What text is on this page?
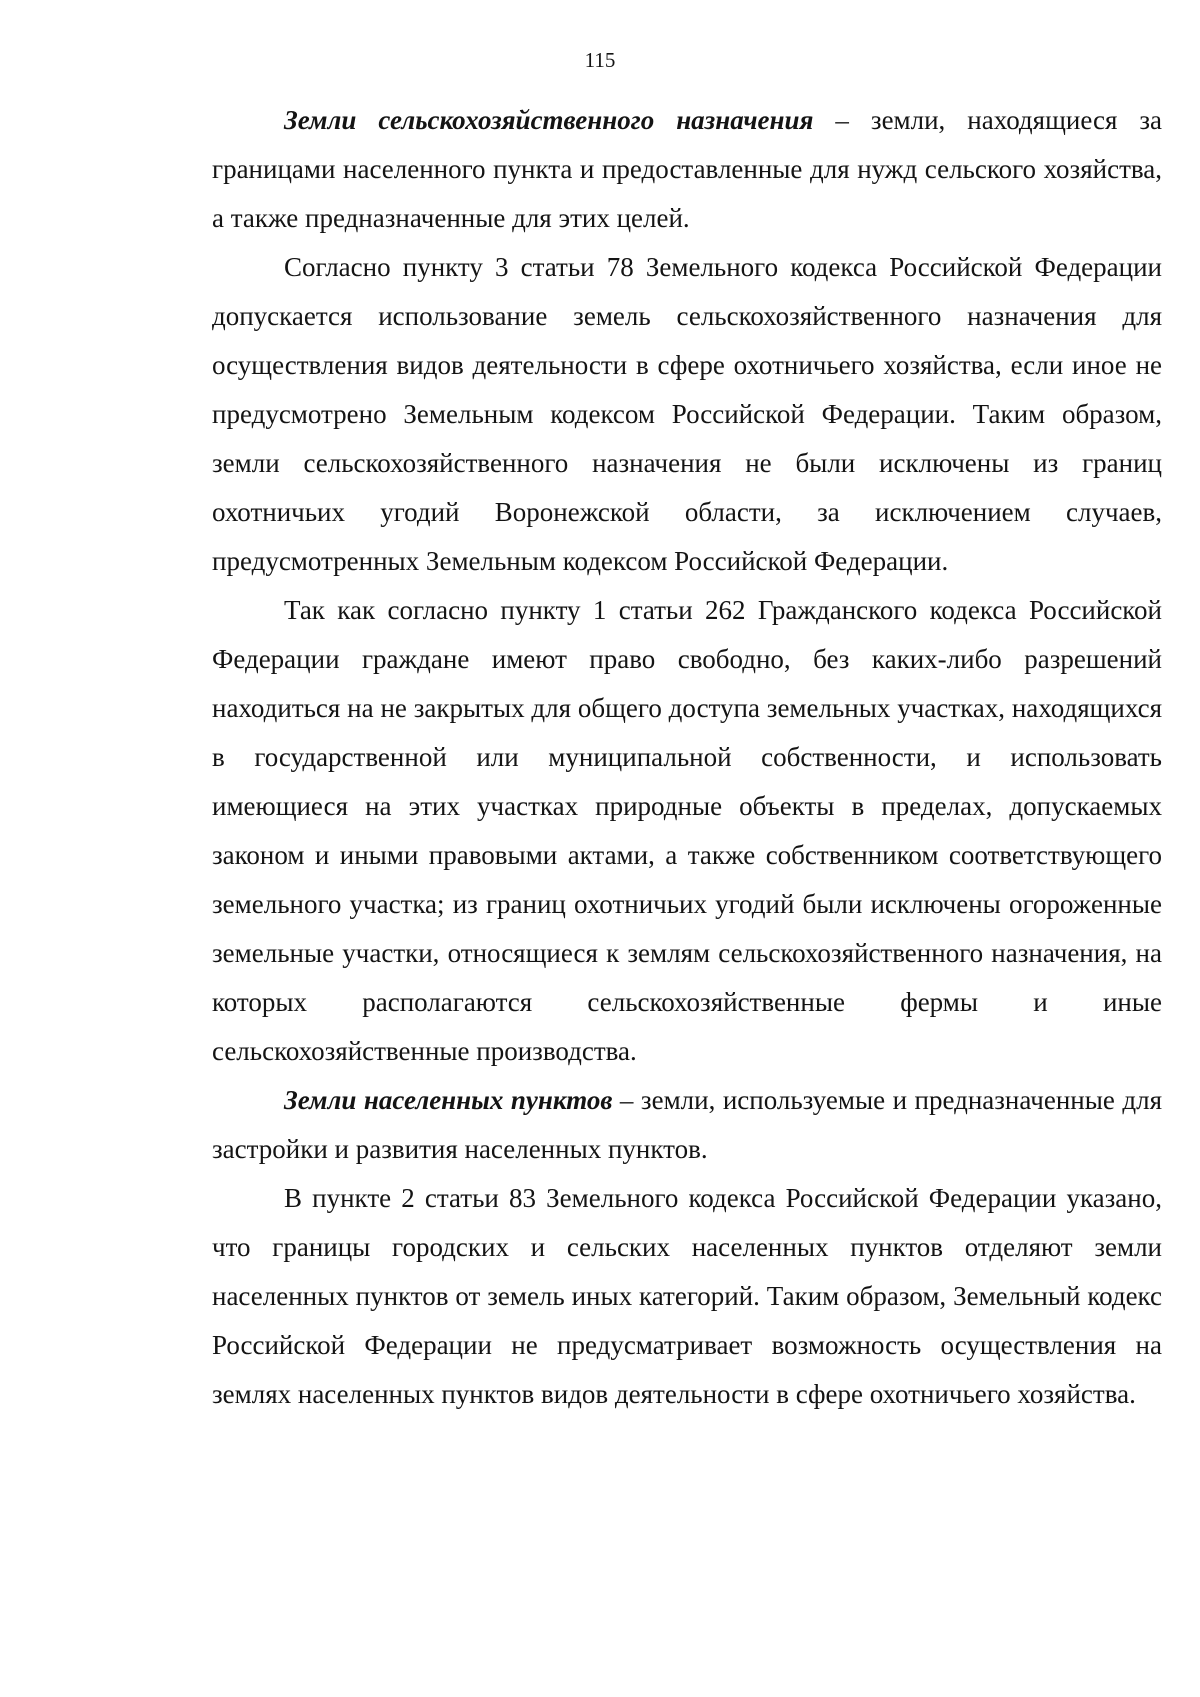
115

Земли сельскохозяйственного назначения – земли, находящиеся за границами населенного пункта и предоставленные для нужд сельского хозяйства, а также предназначенные для этих целей.

Согласно пункту 3 статьи 78 Земельного кодекса Российской Федерации допускается использование земель сельскохозяйственного назначения для осуществления видов деятельности в сфере охотничьего хозяйства, если иное не предусмотрено Земельным кодексом Российской Федерации. Таким образом, земли сельскохозяйственного назначения не были исключены из границ охотничьих угодий Воронежской области, за исключением случаев, предусмотренных Земельным кодексом Российской Федерации.

Так как согласно пункту 1 статьи 262 Гражданского кодекса Российской Федерации граждане имеют право свободно, без каких-либо разрешений находиться на не закрытых для общего доступа земельных участках, находящихся в государственной или муниципальной собственности, и использовать имеющиеся на этих участках природные объекты в пределах, допускаемых законом и иными правовыми актами, а также собственником соответствующего земельного участка; из границ охотничьих угодий были исключены огороженные земельные участки, относящиеся к землям сельскохозяйственного назначения, на которых располагаются сельскохозяйственные фермы и иные сельскохозяйственные производства.

Земли населенных пунктов – земли, используемые и предназначенные для застройки и развития населенных пунктов.

В пункте 2 статьи 83 Земельного кодекса Российской Федерации указано, что границы городских и сельских населенных пунктов отделяют земли населенных пунктов от земель иных категорий. Таким образом, Земельный кодекс Российской Федерации не предусматривает возможность осуществления на землях населенных пунктов видов деятельности в сфере охотничьего хозяйства.
